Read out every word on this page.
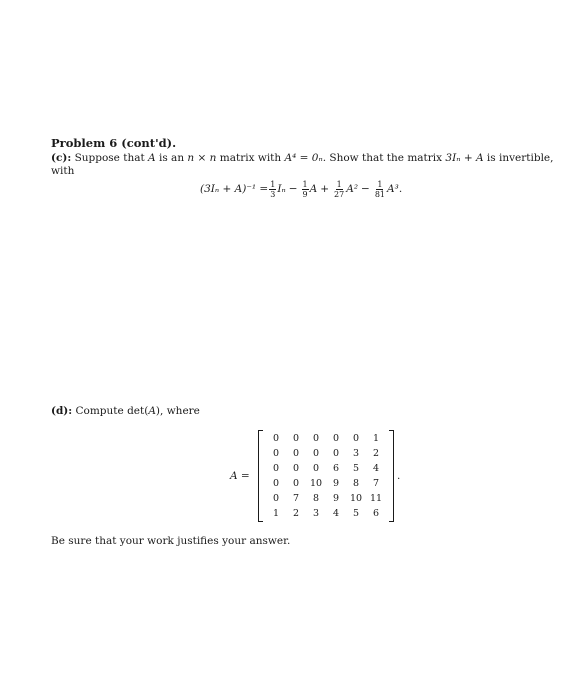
Problem 6 (cont'd).
(c): Suppose that A is an n × n matrix with A⁴ = 0ₙ. Show that the matrix 3Iₙ + A is invertible,
with
$(3I_n + A)^{-1} = \frac{1}{3}$ $I_n - \frac{1}{9}$ $A + \frac{1}{27} A^2 - \frac{1}{81} A^3$.
(d): Compute det(A), where
A =
0	0	0	0	0	1
0	0	0	0	3	2
0	0	0	6	5	4
0	0	10	9	8	7
0	7	8	9	10	11
1	2	3	4	5	6
.
Be sure that your work justifies your answer.
